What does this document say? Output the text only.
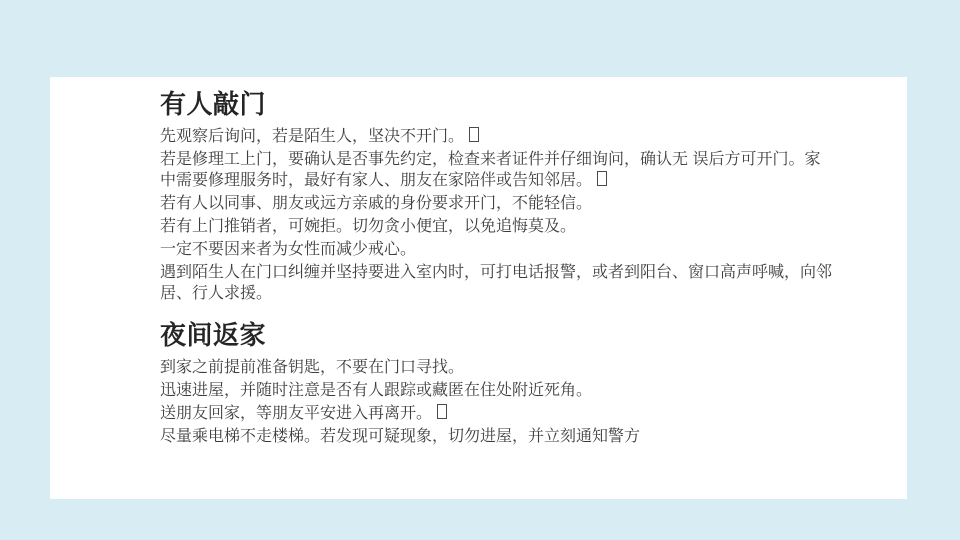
有人敲门

先观察后询问，若是陌生人，坚决不开门。

若是修理工上门，要确认是否事先约定，检查来者证件并仔细询问，确认无 误后方可开门。家中需要修理服务时，最好有家人、朋友在家陪伴或告知邻居。

若有人以同事、朋友或远方亲戚的身份要求开门，不能轻信。

若有上门推销者，可婉拒。切勿贪小便宜，以免追悔莫及。

一定不要因来者为女性而减少戒心。

遇到陌生人在门口纠缠并坚持要进入室内时，可打电话报警，或者到阳台、窗口高声呼喊，向邻居、行人求援。

夜间返家

到家之前提前准备钥匙，不要在门口寻找。

迅速进屋，并随时注意是否有人跟踪或藏匿在住处附近死角。

送朋友回家，等朋友平安进入再离开。

尽量乘电梯不走楼梯。若发现可疑现象，切勿进屋，并立刻通知警方
